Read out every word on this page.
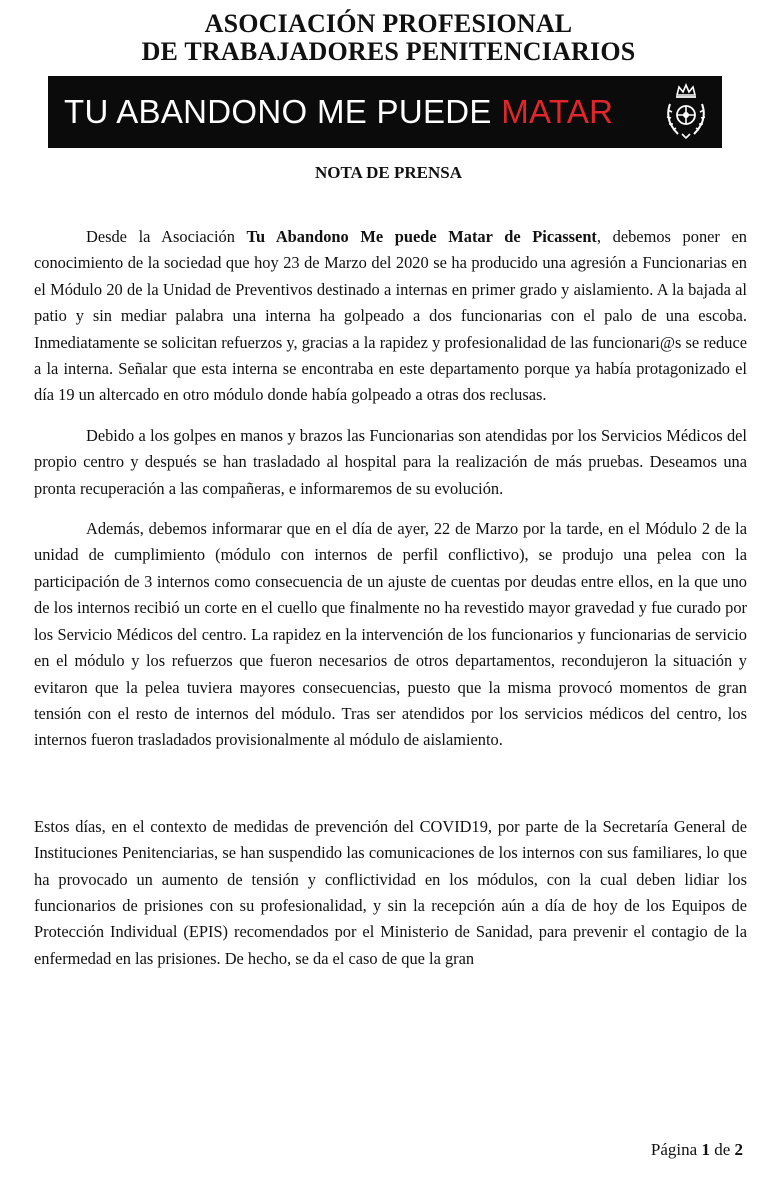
ASOCIACIÓN PROFESIONAL
DE TRABAJADORES PENITENCIARIOS
TU ABANDONO ME PUEDE MATAR
NOTA DE PRENSA

Desde la Asociación Tu Abandono Me puede Matar de Picassent, debemos poner en conocimiento de la sociedad que hoy 23 de Marzo del 2020 se ha producido una agresión a Funcionarias en el Módulo 20 de la Unidad de Preventivos destinado a internas en primer grado y aislamiento. A la bajada al patio y sin mediar palabra una interna ha golpeado a dos funcionarias con el palo de una escoba. Inmediatamente se solicitan refuerzos y, gracias a la rapidez y profesionalidad de las funcionari@s se reduce a la interna. Señalar que esta interna se encontraba en este departamento porque ya había protagonizado el día 19 un altercado en otro módulo donde había golpeado a otras dos reclusas.

Debido a los golpes en manos y brazos las Funcionarias son atendidas por los Servicios Médicos del propio centro y después se han trasladado al hospital para la realización de más pruebas. Deseamos una pronta recuperación a las compañeras, e informaremos de su evolución.

Además, debemos informarar que en el día de ayer, 22 de Marzo por la tarde, en el Módulo 2 de la unidad de cumplimiento (módulo con internos de perfil conflictivo), se produjo una pelea con la participación de 3 internos como consecuencia de un ajuste de cuentas por deudas entre ellos, en la que uno de los internos recibió un corte en el cuello que finalmente no ha revestido mayor gravedad y fue curado por los Servicio Médicos del centro. La rapidez en la intervención de los funcionarios y funcionarias de servicio en el módulo y los refuerzos que fueron necesarios de otros departamentos, recondujeron la situación y evitaron que la pelea tuviera mayores consecuencias, puesto que la misma provocó momentos de gran tensión con el resto de internos del módulo. Tras ser atendidos por los servicios médicos del centro, los internos fueron trasladados provisionalmente al módulo de aislamiento.

Estos días, en el contexto de medidas de prevención del COVID19, por parte de la Secretaría General de Instituciones Penitenciarias, se han suspendido las comunicaciones de los internos con sus familiares, lo que ha provocado un aumento de tensión y conflictividad en los módulos, con la cual deben lidiar los funcionarios de prisiones con su profesionalidad, y sin la recepción aún a día de hoy de los Equipos de Protección Individual (EPIS) recomendados por el Ministerio de Sanidad, para prevenir el contagio de la enfermedad en las prisiones. De hecho, se da el caso de que la gran

Página 1 de 2
